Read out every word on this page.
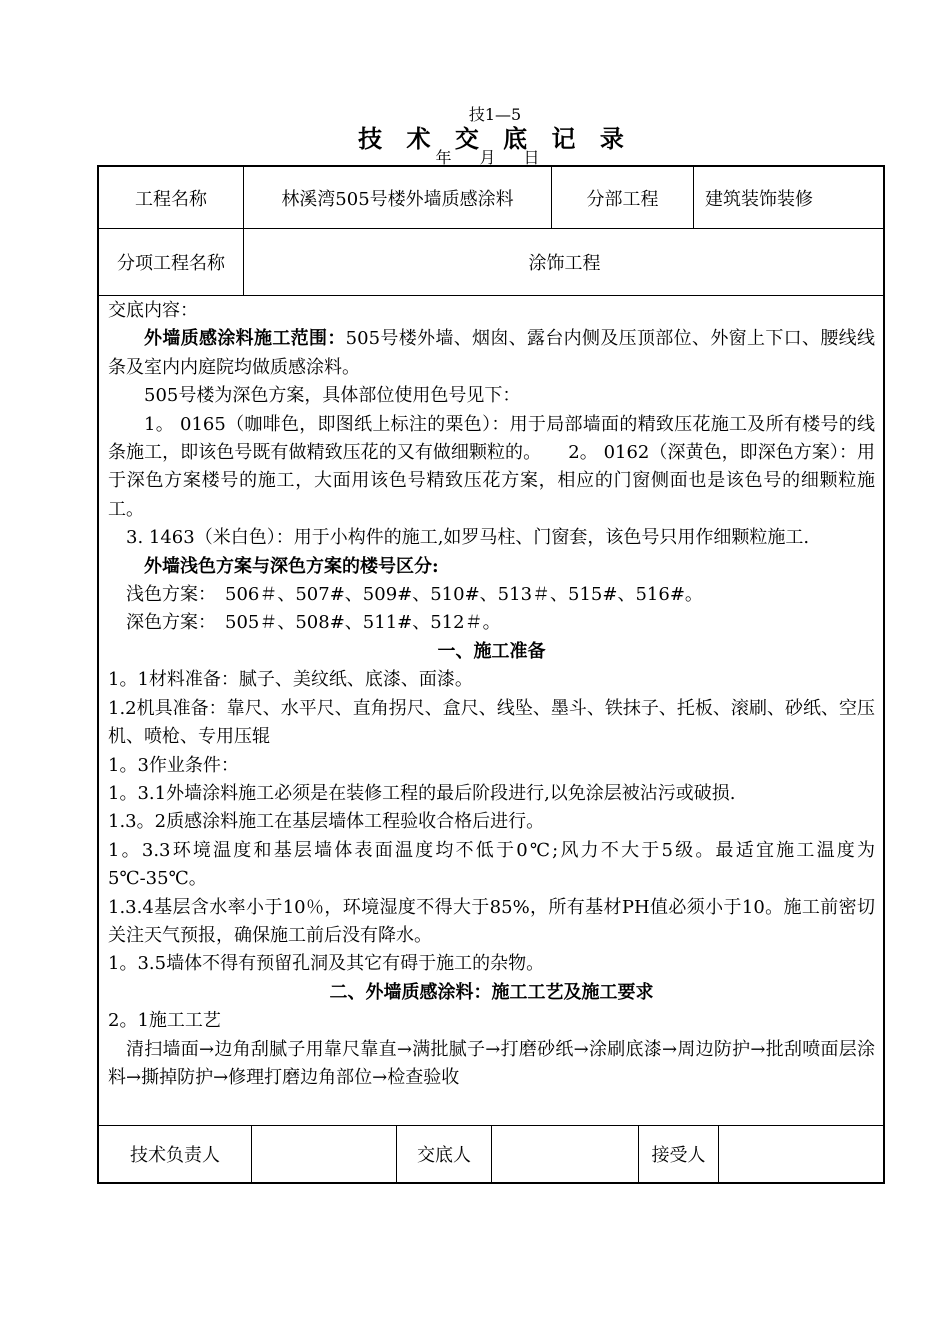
技1—5
技 术 交 底 记 录
年 月 日
工程名称	林溪湾505号楼外墙质感涂料	分部工程	建筑装饰装修
分项工程名称	涂饰工程

交底内容：

外墙质感涂料施工范围：505号楼外墙、烟囱、露台内侧及压顶部位、外窗上下口、腰线线条及室内内庭院均做质感涂料。

505号楼为深色方案，具体部位使用色号见下：

1。 0165（咖啡色，即图纸上标注的栗色）：用于局部墙面的精致压花施工及所有楼号的线条施工，即该色号既有做精致压花的又有做细颗粒的。　　2。 0162（深黄色，即深色方案）：用于深色方案楼号的施工，大面用该色号精致压花方案，相应的门窗侧面也是该色号的细颗粒施工。

3. 1463（米白色）：用于小构件的施工,如罗马柱、门窗套，该色号只用作细颗粒施工.

外墙浅色方案与深色方案的楼号区分:

浅色方案：　506＃、507#、509#、510#、513＃、515#、516#。

深色方案：　505＃、508#、511#、512＃。

一、施工准备

1。1材料准备：腻子、美纹纸、底漆、面漆。

1.2机具准备：靠尺、水平尺、直角拐尺、盒尺、线坠、墨斗、铁抹子、托板、滚刷、砂纸、空压机、喷枪、专用压辊

1。3作业条件：

1。3.1外墙涂料施工必须是在装修工程的最后阶段进行,以免涂层被沾污或破损.

1.3。2质感涂料施工在基层墙体工程验收合格后进行。

1。3.3环境温度和基层墙体表面温度均不低于0℃;风力不大于5级。最适宜施工温度为5℃-35℃。

1.3.4基层含水率小于10％，环境湿度不得大于85%，所有基材PH值必须小于10。施工前密切关注天气预报，确保施工前后没有降水。

1。3.5墙体不得有预留孔洞及其它有碍于施工的杂物。

二、外墙质感涂料：施工工艺及施工要求

2。1施工工艺

清扫墙面→边角刮腻子用靠尺靠直→满批腻子→打磨砂纸→涂刷底漆→周边防护→批刮喷面层涂料→撕掉防护→修理打磨边角部位→检查验收

技术负责人	交底人	接受人
